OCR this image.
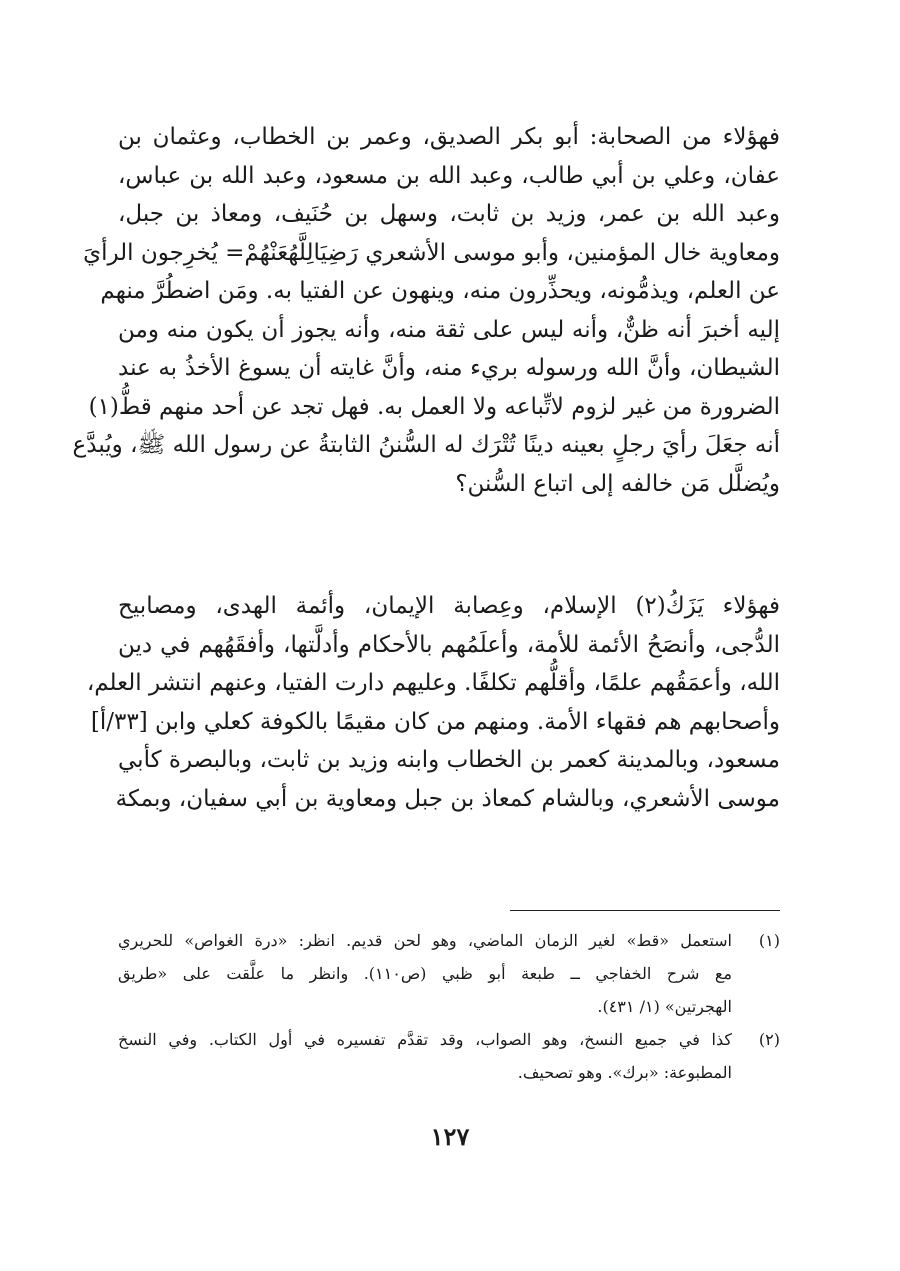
فهؤلاء من الصحابة: أبو بكر الصديق، وعمر بن الخطاب، وعثمان بن
عفان، وعلي بن أبي طالب، وعبد الله بن مسعود، وعبد الله بن عباس،
وعبد الله بن عمر، وزيد بن ثابت، وسهل بن حُنَيف، ومعاذ بن جبل،
ومعاوية خال المؤمنين، وأبو موسى الأشعري رَضِيَالِلَّهُعَنْهُمْ= يُخرِجون الرأيَ
عن العلم، ويذمُّونه، ويحذِّرون منه، وينهون عن الفتيا به. ومَن اضطُرَّ منهم
إليه أخبرَ أنه ظنٌّ، وأنه ليس على ثقة منه، وأنه يجوز أن يكون منه ومن
الشيطان، وأنَّ الله ورسوله بريء منه، وأنَّ غايته أن يسوغ الأخذُ به عند
الضرورة من غير لزوم لاتِّباعه ولا العمل به. فهل تجد عن أحد منهم قطُّ(١)
أنه جعَلَ رأيَ رجلٍ بعينه دينًا تُتْرَك له السُّننُ الثابتةُ عن رسول الله ﷺ، ويُبدَّع
ويُضلَّل مَن خالفه إلى اتباع السُّنن؟
فهؤلاء يَزَكُ(٢) الإسلام، وعِصابة الإيمان، وأئمة الهدى، ومصابيح
الدُّجى، وأنصَحُ الأئمة للأمة، وأعلَمُهم بالأحكام وأدلَّتها، وأفقَهُهم في دين
الله، وأعمَقُهم علمًا، وأقلُّهم تكلفًا. وعليهم دارت الفتيا، وعنهم انتشر العلم،
وأصحابهم هم فقهاء الأمة. ومنهم من كان مقيمًا بالكوفة كعلي وابن [٣٣/أ]
مسعود، وبالمدينة كعمر بن الخطاب وابنه وزيد بن ثابت، وبالبصرة كأبي
موسى الأشعري، وبالشام كمعاذ بن جبل ومعاوية بن أبي سفيان، وبمكة
(١)
استعمل «قط» لغير الزمان الماضي، وهو لحن قديم. انظر: «درة الغواص» للحريري
مع شرح الخفاجي ــ طبعة أبو ظبي (ص١١٠). وانظر ما علَّقت على «طريق
الهجرتين» (١/ ٤٣١).
(٢)
كذا في جميع النسخ، وهو الصواب، وقد تقدَّم تفسيره في أول الكتاب. وفي النسخ
المطبوعة: «برك». وهو تصحيف.
١٢٧
